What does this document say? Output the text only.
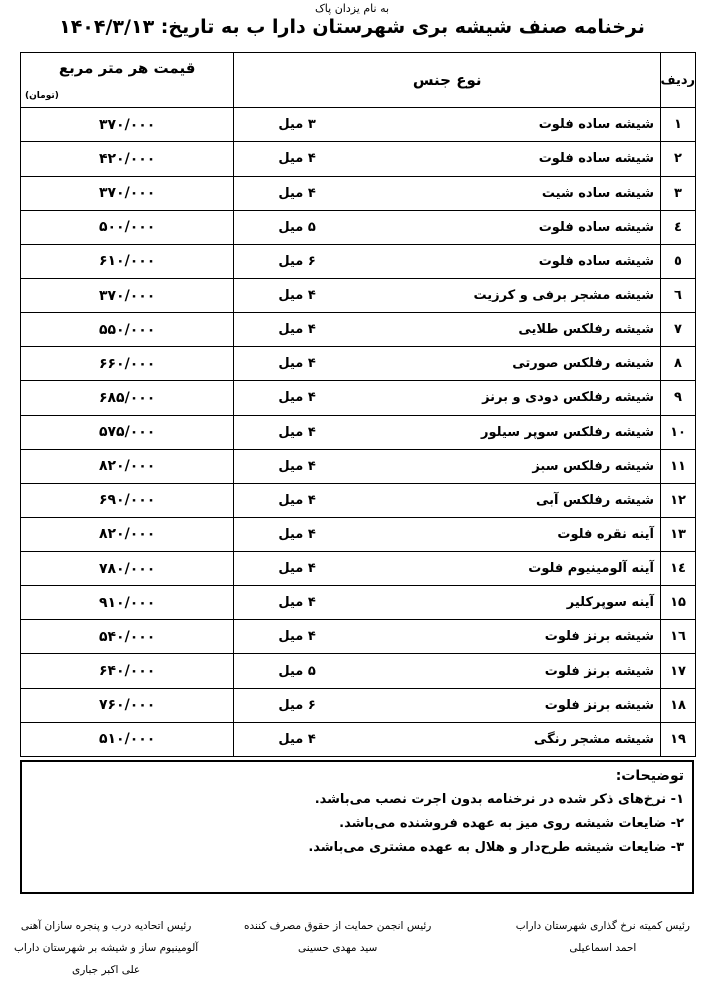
به نام یزدان پاک
نرخنامه صنف شیشه بری شهرستان دارا ب به تاریخ: ۱۴۰۴/۳/۱۳
ردیف	نوع جنس		قیمت هر متر مربع
(تومان)

۱	شیشه ساده فلوت	۳ میل	۳۷۰/۰۰۰
۲	شیشه ساده فلوت	۴ میل	۴۲۰/۰۰۰
۳	شیشه ساده شیت	۴ میل	۳۷۰/۰۰۰
٤	شیشه ساده فلوت	۵ میل	۵۰۰/۰۰۰
٥	شیشه ساده فلوت	۶ میل	۶۱۰/۰۰۰
٦	شیشه مشجر برفی و کرزیت	۴ میل	۳۷۰/۰۰۰
۷	شیشه رفلکس طلایی	۴ میل	۵۵۰/۰۰۰
۸	شیشه رفلکس صورتی	۴ میل	۶۶۰/۰۰۰
۹	شیشه رفلکس دودی و برنز	۴ میل	۶۸۵/۰۰۰
۱۰	شیشه رفلکس سوپر سیلور	۴ میل	۵۷۵/۰۰۰
۱۱	شیشه رفلکس سبز	۴ میل	۸۲۰/۰۰۰
۱۲	شیشه رفلکس آبی	۴ میل	۶۹۰/۰۰۰
۱۳	آینه نقره فلوت	۴ میل	۸۲۰/۰۰۰
۱٤	آینه آلومینیوم فلوت	۴ میل	۷۸۰/۰۰۰
۱۵	آینه سوپرکلیر	۴ میل	۹۱۰/۰۰۰
۱٦	شیشه برنز فلوت	۴ میل	۵۴۰/۰۰۰
۱۷	شیشه برنز فلوت	۵ میل	۶۴۰/۰۰۰
۱۸	شیشه برنز فلوت	۶ میل	۷۶۰/۰۰۰
۱۹	شیشه مشجر رنگی	۴ میل	۵۱۰/۰۰۰
توضیحات:
۱- نرخ‌های ذکر شده در نرخنامه بدون اجرت نصب می‌باشد.
۲- ضایعات شیشه روی میز به عهده فروشنده می‌باشد.
۳- ضایعات شیشه طرح‌دار و هلال به عهده مشتری می‌باشد.
رئیس کمیته نرخ گذاری شهرستان داراب
احمد اسماعیلی
رئیس انجمن حمایت از حقوق مصرف کننده
سید مهدی حسینی
رئیس اتحادیه درب و پنجره سازان آهنی
آلومینیوم ساز و شیشه بر شهرستان داراب
علی اکبر جباری
